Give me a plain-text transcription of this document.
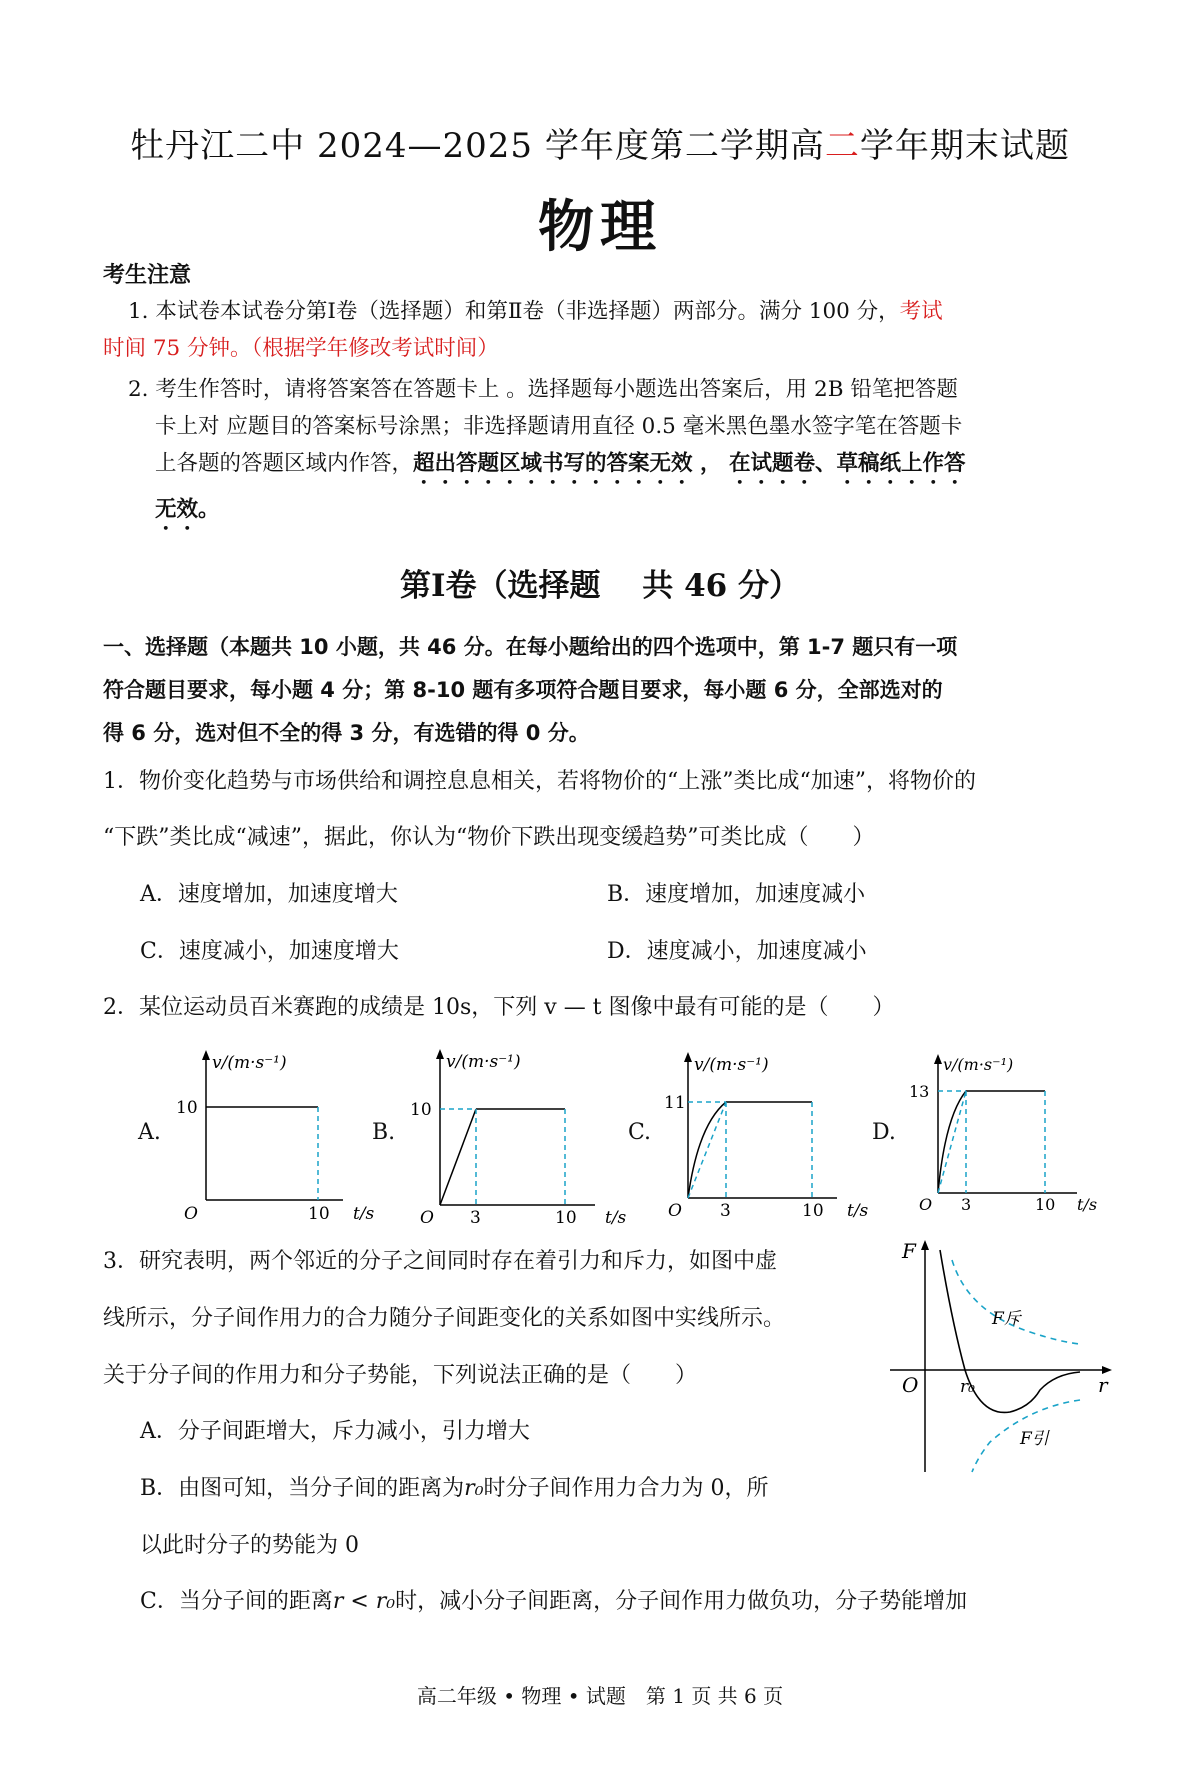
牡丹江二中 2024—2025 学年度第二学期高二学年期末试题
物理
考生注意
1. 本试卷本试卷分第Ⅰ卷（选择题）和第Ⅱ卷（非选择题）两部分。满分 100 分，考试
时间 75 分钟。（根据学年修改考试时间）
2. 考生作答时，请将答案答在答题卡上 。选择题每小题选出答案后，用 2B 铅笔把答题
卡上对 应题目的答案标号涂黑；非选择题请用直径 0.5 毫米黑色墨水签字笔在答题卡
上各题的答题区域内作答，超出答题区域书写的答案无效 ， 在试题卷、草稿纸上作答
无效。
第Ⅰ卷（选择题　 共 46 分）
一、选择题（本题共 10 小题，共 46 分。在每小题给出的四个选项中，第 1-7 题只有一项
符合题目要求，每小题 4 分；第 8-10 题有多项符合题目要求，每小题 6 分，全部选对的
得 6 分，选对但不全的得 3 分，有选错的得 0 分。
1．物价变化趋势与市场供给和调控息息相关，若将物价的“上涨”类比成“加速”，将物价的
“下跌”类比成“减速”，据此，你认为“物价下跌出现变缓趋势”可类比成（　　）
A．速度增加，加速度增大	B．速度增加，加速度减小
C．速度减小，加速度增大	D．速度减小，加速度减小
2．某位运动员百米赛跑的成绩是 10s，下列 v — t 图像中最有可能的是（　　）
A.
v/(m·s⁻¹)
10
O	10 t/s
B.
v/(m·s⁻¹)
10
O 3	10 t/s
C.
v/(m·s⁻¹)
11
O 3	10 t/s
D.
v/(m·s⁻¹)
13
O 3	10 t/s
3．研究表明，两个邻近的分子之间同时存在着引力和斥力，如图中虚
线所示，分子间作用力的合力随分子间距变化的关系如图中实线所示。
关于分子间的作用力和分子势能，下列说法正确的是（　　）
A．分子间距增大，斥力减小，引力增大
B．由图可知，当分子间的距离为r₀时分子间作用力合力为 0，所
以此时分子的势能为 0
C．当分子间的距离r < r₀时，减小分子间距离，分子间作用力做负功，分子势能增加
F
O r₀	r
F斥
F引
高二年级 • 物理 • 试题　第 1 页 共 6 页
